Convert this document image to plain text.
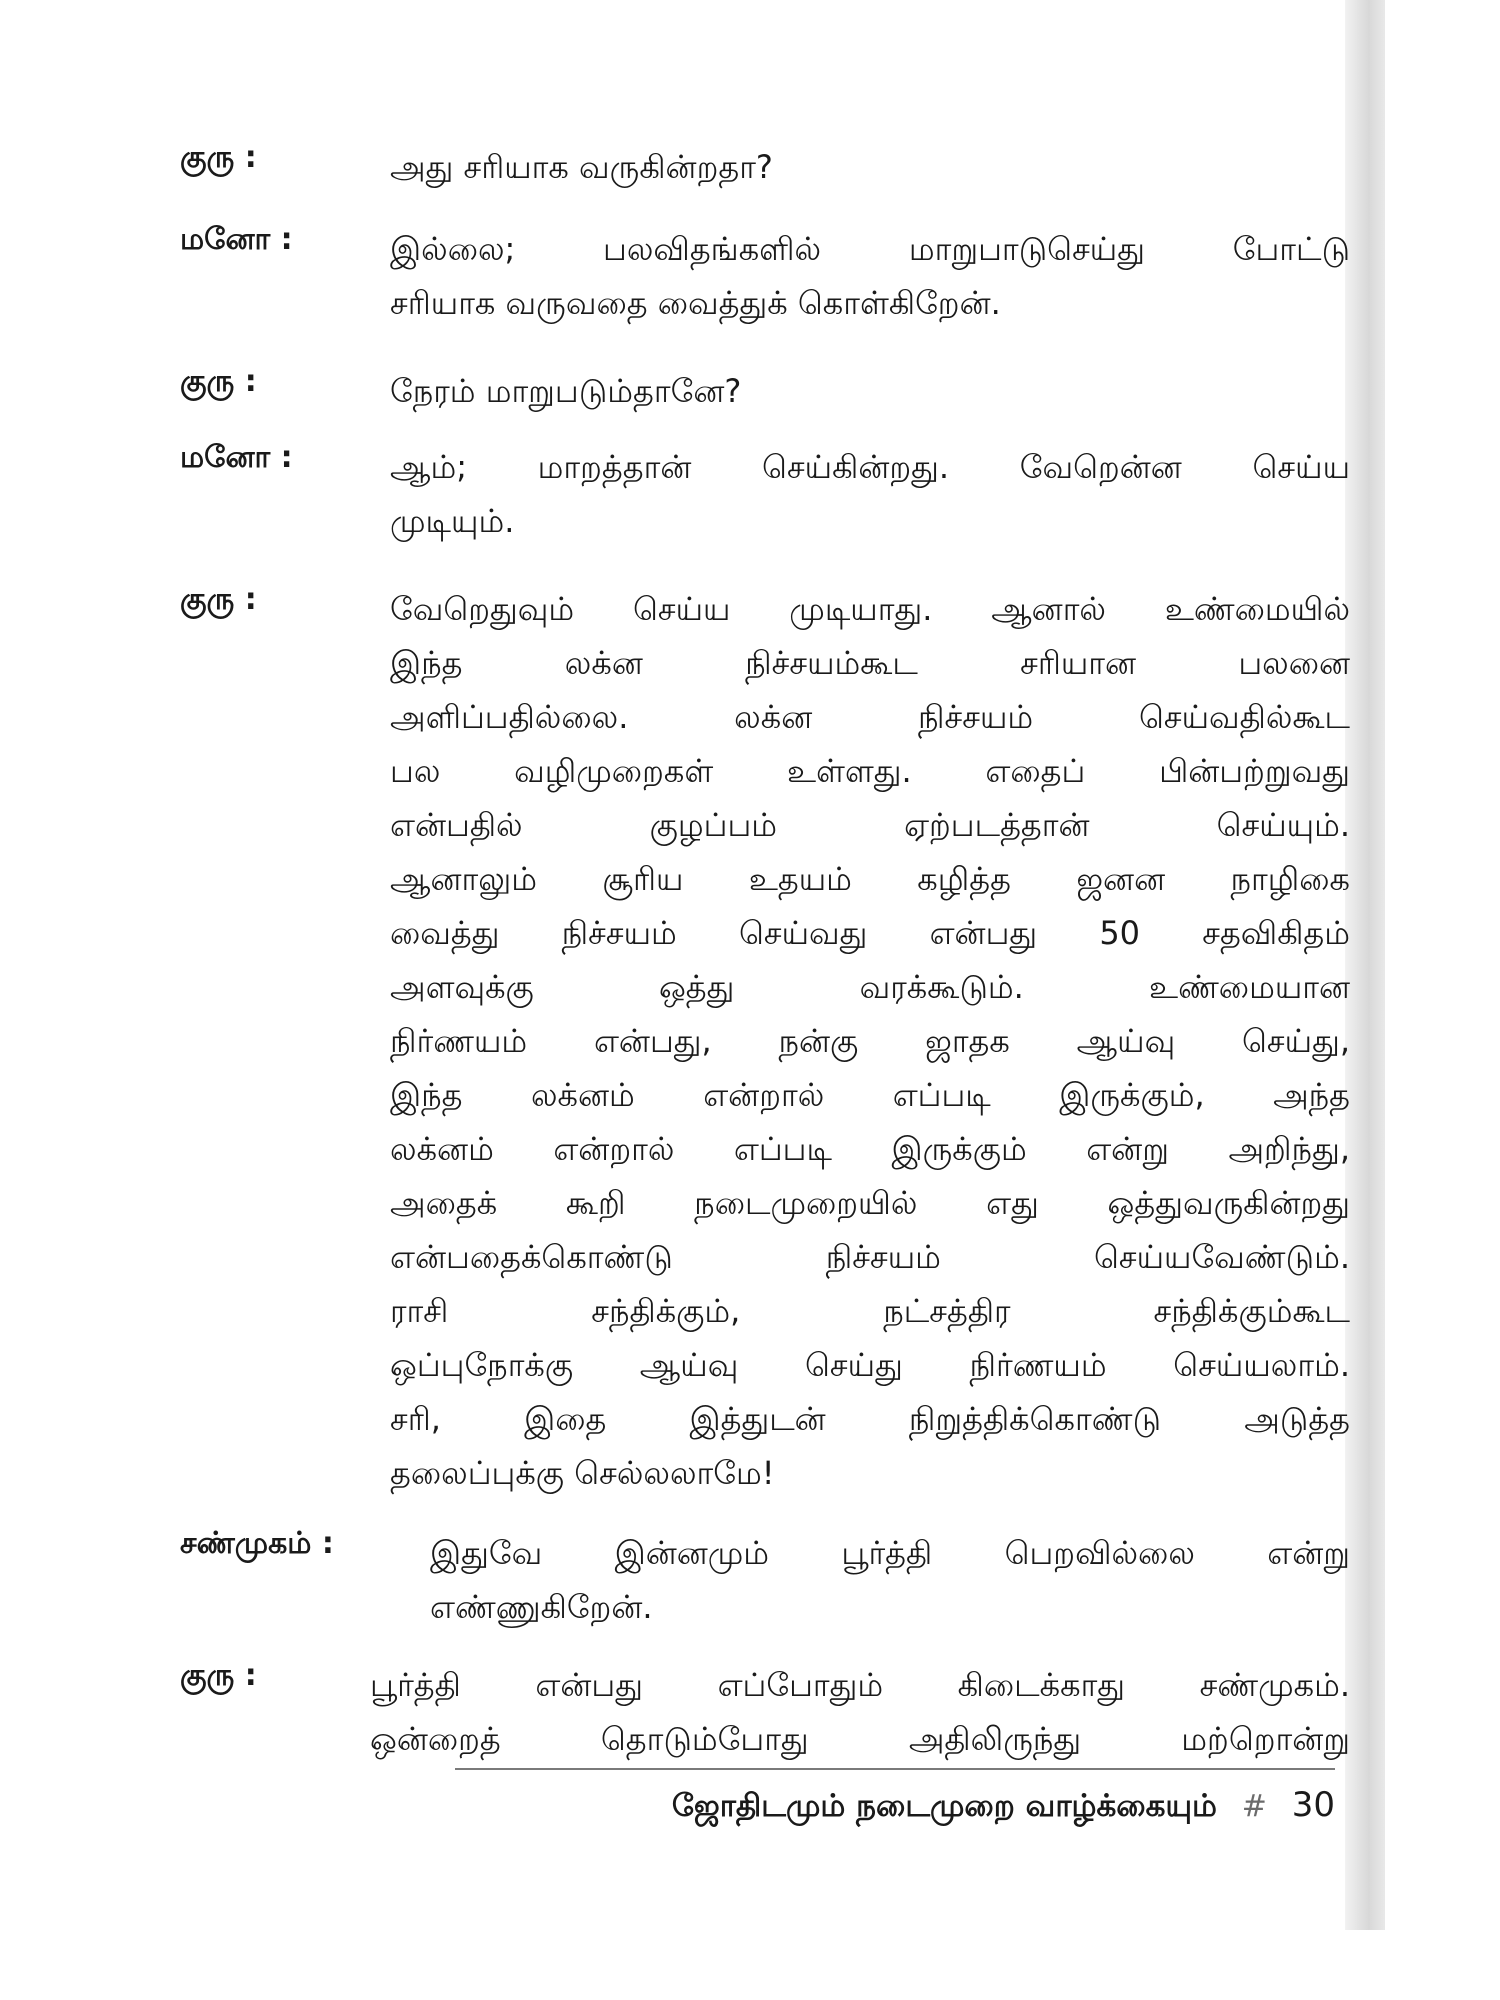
குரு :	அது சரியாக வருகின்றதா?
மனோ :	இல்லை; பலவிதங்களில் மாறுபாடுசெய்து போட்டு
சரியாக வருவதை வைத்துக் கொள்கிறேன்.
குரு :	நேரம் மாறுபடும்தானே?
மனோ :	ஆம்; மாறத்தான் செய்கின்றது. வேறென்ன செய்ய
முடியும்.
குரு :	வேறெதுவும் செய்ய முடியாது. ஆனால் உண்மையில்
இந்த லக்ன நிச்சயம்கூட சரியான பலனை
அளிப்பதில்லை. லக்ன நிச்சயம் செய்வதில்கூட
பல வழிமுறைகள் உள்ளது. எதைப் பின்பற்றுவது
என்பதில் குழப்பம் ஏற்படத்தான் செய்யும்.
ஆனாலும் சூரிய உதயம் கழித்த ஜனன நாழிகை
வைத்து நிச்சயம் செய்வது என்பது 50 சதவிகிதம்
அளவுக்கு ஒத்து வரக்கூடும். உண்மையான
நிர்ணயம் என்பது, நன்கு ஜாதக ஆய்வு செய்து,
இந்த லக்னம் என்றால் எப்படி இருக்கும், அந்த
லக்னம் என்றால் எப்படி இருக்கும் என்று அறிந்து,
அதைக் கூறி நடைமுறையில் எது ஒத்துவருகின்றது
என்பதைக்கொண்டு நிச்சயம் செய்யவேண்டும்.
ராசி சந்திக்கும், நட்சத்திர சந்திக்கும்கூட
ஒப்புநோக்கு ஆய்வு செய்து நிர்ணயம் செய்யலாம்.
சரி, இதை இத்துடன் நிறுத்திக்கொண்டு அடுத்த
தலைப்புக்கு செல்லலாமே!
சண்முகம் :	இதுவே இன்னமும் பூர்த்தி பெறவில்லை என்று
எண்ணுகிறேன்.
குரு :	பூர்த்தி என்பது எப்போதும் கிடைக்காது சண்முகம்.
ஒன்றைத் தொடும்போது அதிலிருந்து மற்றொன்று
ஜோதிடமும் நடைமுறை வாழ்க்கையும் # 30
